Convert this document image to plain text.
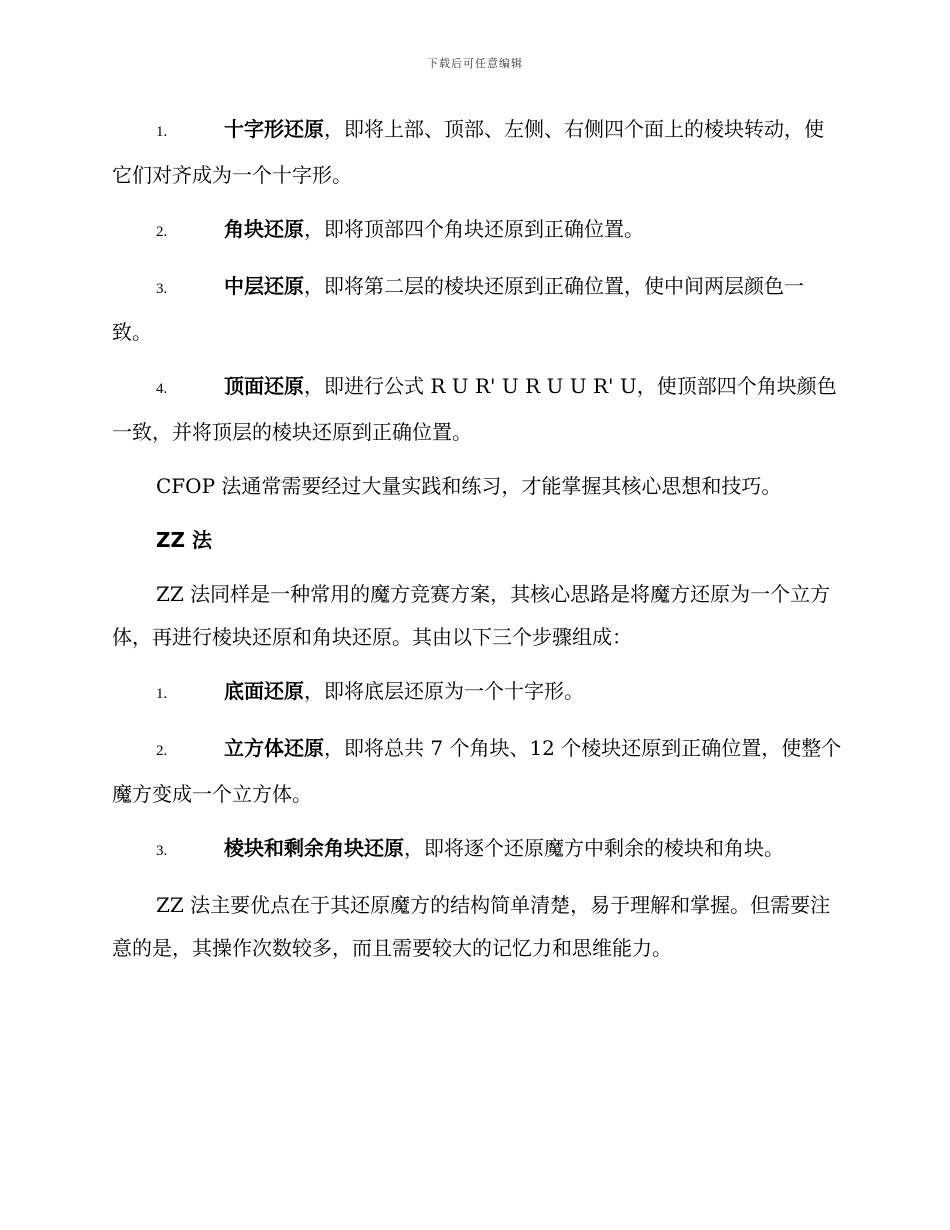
下载后可任意编辑

1.	十字形还原，即将上部、顶部、左侧、右侧四个面上的棱块转动，使它们对齐成为一个十字形。

2.	角块还原，即将顶部四个角块还原到正确位置。

3.	中层还原，即将第二层的棱块还原到正确位置，使中间两层颜色一致。

4.	顶面还原，即进行公式 R U R' U R U U R' U，使顶部四个角块颜色一致，并将顶层的棱块还原到正确位置。

CFOP 法通常需要经过大量实践和练习，才能掌握其核心思想和技巧。

ZZ 法

ZZ 法同样是一种常用的魔方竞赛方案，其核心思路是将魔方还原为一个立方体，再进行棱块还原和角块还原。其由以下三个步骤组成：

1.	底面还原，即将底层还原为一个十字形。

2.	立方体还原，即将总共 7 个角块、12 个棱块还原到正确位置，使整个魔方变成一个立方体。

3.	棱块和剩余角块还原，即将逐个还原魔方中剩余的棱块和角块。

ZZ 法主要优点在于其还原魔方的结构简单清楚，易于理解和掌握。但需要注意的是，其操作次数较多，而且需要较大的记忆力和思维能力。
